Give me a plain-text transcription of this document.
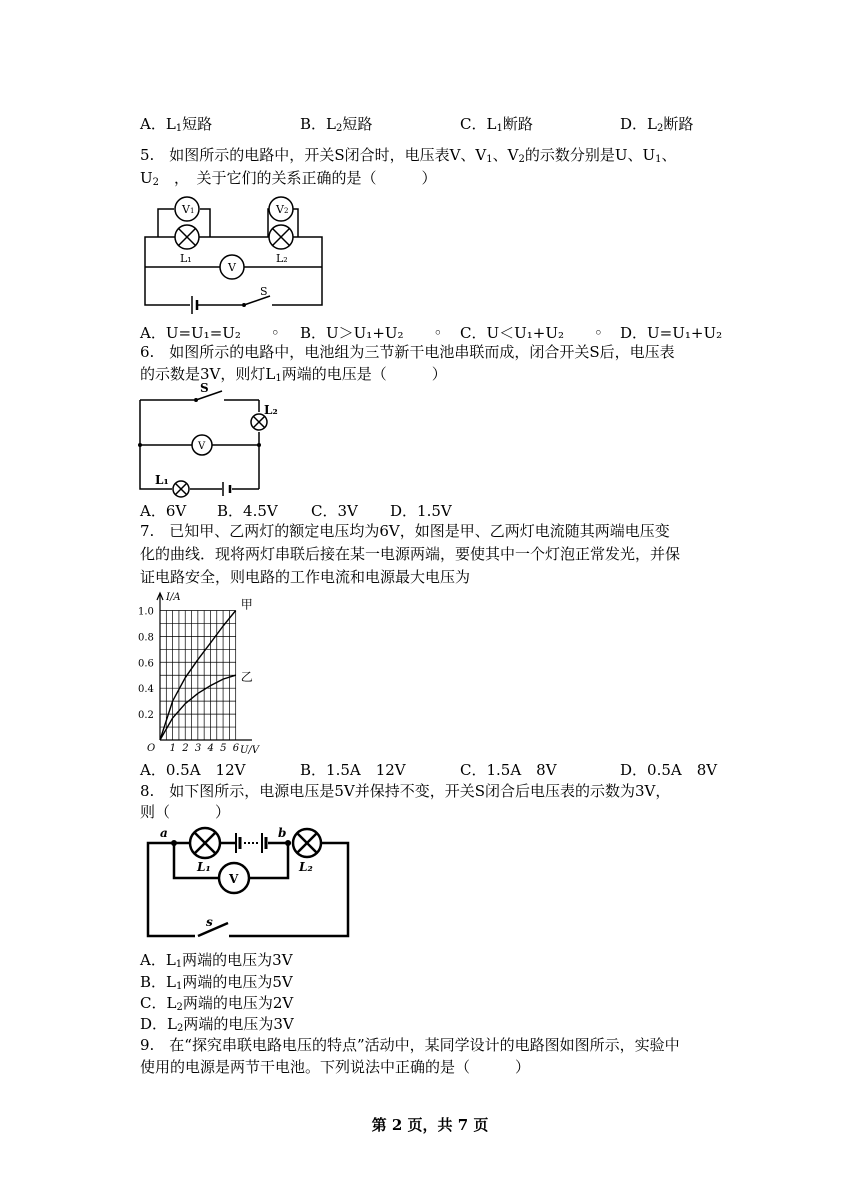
A．$L_1$短路	B．$L_2$短路	C．$L_1$断路	D．$L_2$断路
5.　如图所示的电路中，开关S闭合时，电压表V、$V_1$、$V_2$的示数分别是U、$U_1$、
$U_2$　，　关于它们的关系正确的是（　　　）
V
V1	V2
L₁	L₂
S
A．U=U₁=U₂　　◦ B．U＞U₁+U₂　　◦ C．U＜U₁+U₂　　◦ D．U=U₁+U₂
6.　如图所示的电路中，电池组为三节新干电池串联而成，闭合开关S后，电压表
的示数是3V，则灯$L_1$两端的电压是（　　　）
S
L₂
L₁
V
A．6V B．4.5V C．3V D．1.5V
7.　已知甲、乙两灯的额定电压均为6V，如图是甲、乙两灯电流随其两端电压变
化的曲线．现将两灯串联后接在某一电源两端，要使其中一个灯泡正常发光，并保
证电路安全，则电路的工作电流和电源最大电压为
甲
乙
1 2 3 4 5 6
0.2
0.4
0.6
0.8
1.0
O	U/V
I/A
A．0.5A　12V	B．1.5A　12V	C．1.5A　8V	D．0.5A　8V
8.　如下图所示，电源电压是5V并保持不变，开关S闭合后电压表的示数为3V，
则（　　　）
a	b
L₁	L₂
V
s
A．$L_1$两端的电压为3V
B．$L_1$两端的电压为5V
C．$L_2$两端的电压为2V
D．$L_2$两端的电压为3V
9.　在“探究串联电路电压的特点”活动中，某同学设计的电路图如图所示，实验中
使用的电源是两节干电池。下列说法中正确的是（　　　）
第 2 页，共 7 页
